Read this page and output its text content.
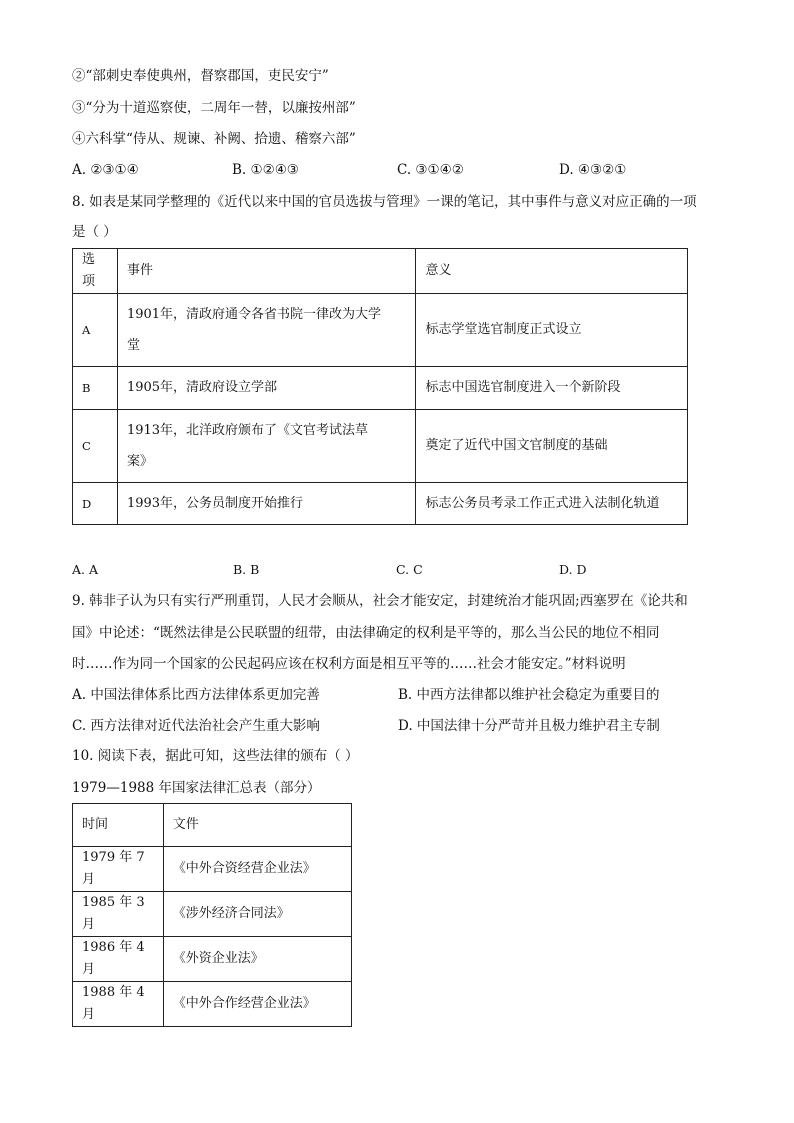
②“部刺史奉使典州，督察郡国，吏民安宁”
③“分为十道巡察使，二周年一替，以廉按州部”
④六科掌“侍从、规谏、补阙、拾遗、稽察六部”
A. ②③①④	B. ①②④③	C. ③①④②	D. ④③②①
8. 如表是某同学整理的《近代以来中国的官员选拔与管理》一课的笔记，其中事件与意义对应正确的一项
是（ ）
选项	事件	意义
A	1901年，清政府通令各省书院一律改为大学
堂	标志学堂选官制度正式设立
B	1905年，清政府设立学部	标志中国选官制度进入一个新阶段
C	1913年，北洋政府颁布了《文官考试法草
案》	奠定了近代中国文官制度的基础
D	1993年，公务员制度开始推行	标志公务员考录工作正式进入法制化轨道
A. A	B. B	C. C	D. D
9. 韩非子认为只有实行严刑重罚，人民才会顺从，社会才能安定，封建统治才能巩固;西塞罗在《论共和
国》中论述：“既然法律是公民联盟的纽带，由法律确定的权利是平等的，那么当公民的地位不相同
时……作为同一个国家的公民起码应该在权利方面是相互平等的……社会才能安定。”材料说明
A. 中国法律体系比西方法律体系更加完善	B. 中西方法律都以维护社会稳定为重要目的
C. 西方法律对近代法治社会产生重大影响	D. 中国法律十分严苛并且极力维护君主专制
10. 阅读下表，据此可知，这些法律的颁布（ ）
1979—1988 年国家法律汇总表（部分）
时间	文件
1979 年 7 月	《中外合资经营企业法》
1985 年 3 月	《涉外经济合同法》
1986 年 4 月	《外资企业法》
1988 年 4 月	《中外合作经营企业法》
